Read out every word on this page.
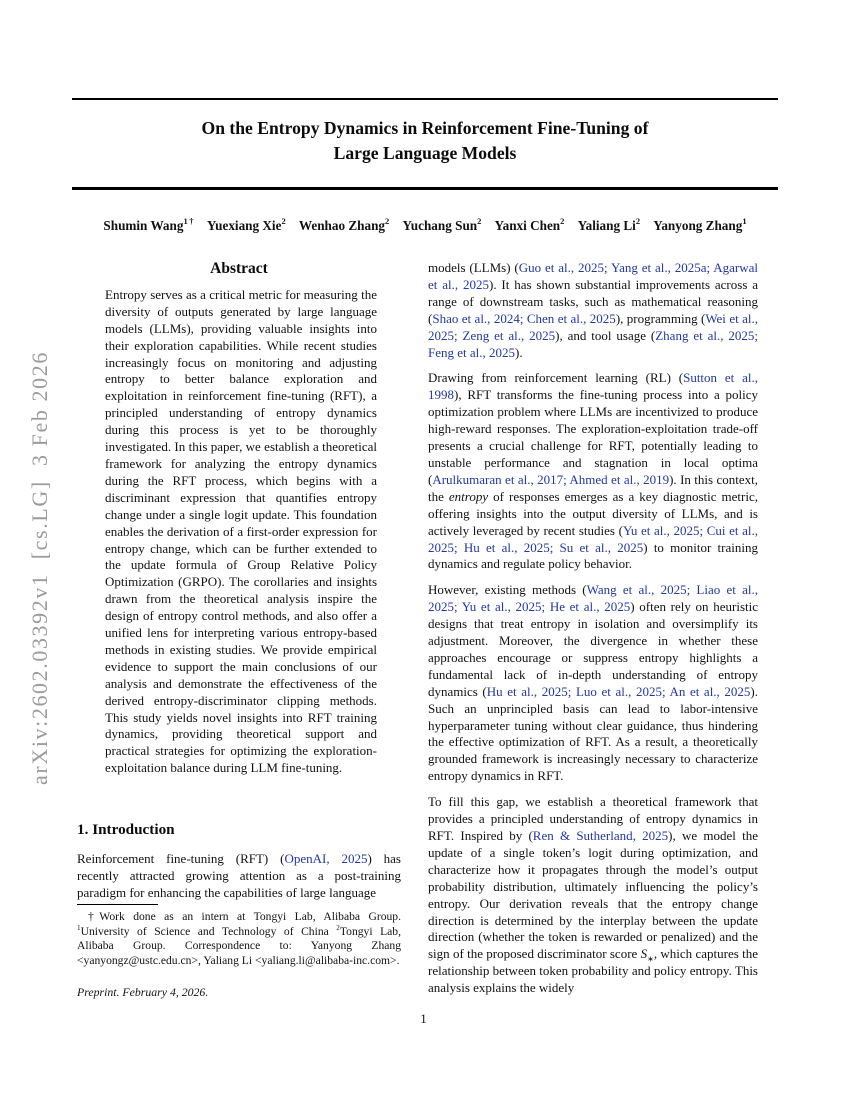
arXiv:2602.03392v1  [cs.LG]  3 Feb 2026
On the Entropy Dynamics in Reinforcement Fine-Tuning of
Large Language Models
Shumin Wang$^{1 \dagger}$   Yuexiang Xie$^2$   Wenhao Zhang$^2$   Yuchang Sun$^2$   Yanxi Chen$^2$   Yaliang Li$^2$   Yanyong Zhang$^1$
Abstract

Entropy serves as a critical metric for measuring the diversity of outputs generated by large language models (LLMs), providing valuable insights into their exploration capabilities. While recent studies increasingly focus on monitoring and adjusting entropy to better balance exploration and exploitation in reinforcement fine-tuning (RFT), a principled understanding of entropy dynamics during this process is yet to be thoroughly investigated. In this paper, we establish a theoretical framework for analyzing the entropy dynamics during the RFT process, which begins with a discriminant expression that quantifies entropy change under a single logit update. This foundation enables the derivation of a first-order expression for entropy change, which can be further extended to the update formula of Group Relative Policy Optimization (GRPO). The corollaries and insights drawn from the theoretical analysis inspire the design of entropy control methods, and also offer a unified lens for interpreting various entropy-based methods in existing studies. We provide empirical evidence to support the main conclusions of our analysis and demonstrate the effectiveness of the derived entropy-discriminator clipping methods. This study yields novel insights into RFT training dynamics, providing theoretical support and practical strategies for optimizing the exploration-exploitation balance during LLM fine-tuning.

1. Introduction

Reinforcement fine-tuning (RFT) (OpenAI, 2025) has recently attracted growing attention as a post-training paradigm for enhancing the capabilities of large language

†Work done as an intern at Tongyi Lab, Alibaba Group. $^1$University of Science and Technology of China $^2$Tongyi Lab, Alibaba Group. Correspondence to: Yanyong Zhang <yanyongz@ustc.edu.cn>, Yaliang Li <yaliang.li@alibaba-inc.com>.

Preprint. February 4, 2026.

models (LLMs) (Guo et al., 2025; Yang et al., 2025a; Agarwal et al., 2025). It has shown substantial improvements across a range of downstream tasks, such as mathematical reasoning (Shao et al., 2024; Chen et al., 2025), programming (Wei et al., 2025; Zeng et al., 2025), and tool usage (Zhang et al., 2025; Feng et al., 2025).

Drawing from reinforcement learning (RL) (Sutton et al., 1998), RFT transforms the fine-tuning process into a policy optimization problem where LLMs are incentivized to produce high-reward responses. The exploration-exploitation trade-off presents a crucial challenge for RFT, potentially leading to unstable performance and stagnation in local optima (Arulkumaran et al., 2017; Ahmed et al., 2019). In this context, the entropy of responses emerges as a key diagnostic metric, offering insights into the output diversity of LLMs, and is actively leveraged by recent studies (Yu et al., 2025; Cui et al., 2025; Hu et al., 2025; Su et al., 2025) to monitor training dynamics and regulate policy behavior.

However, existing methods (Wang et al., 2025; Liao et al., 2025; Yu et al., 2025; He et al., 2025) often rely on heuristic designs that treat entropy in isolation and oversimplify its adjustment. Moreover, the divergence in whether these approaches encourage or suppress entropy highlights a fundamental lack of in-depth understanding of entropy dynamics (Hu et al., 2025; Luo et al., 2025; An et al., 2025). Such an unprincipled basis can lead to labor-intensive hyperparameter tuning without clear guidance, thus hindering the effective optimization of RFT. As a result, a theoretically grounded framework is increasingly necessary to characterize entropy dynamics in RFT.

To fill this gap, we establish a theoretical framework that provides a principled understanding of entropy dynamics in RFT. Inspired by (Ren & Sutherland, 2025), we model the update of a single token’s logit during optimization, and characterize how it propagates through the model’s output probability distribution, ultimately influencing the policy’s entropy. Our derivation reveals that the entropy change direction is determined by the interplay between the update direction (whether the token is rewarded or penalized) and the sign of the proposed discriminator score $S_∗$, which captures the relationship between token probability and policy entropy. This analysis explains the widely

1
